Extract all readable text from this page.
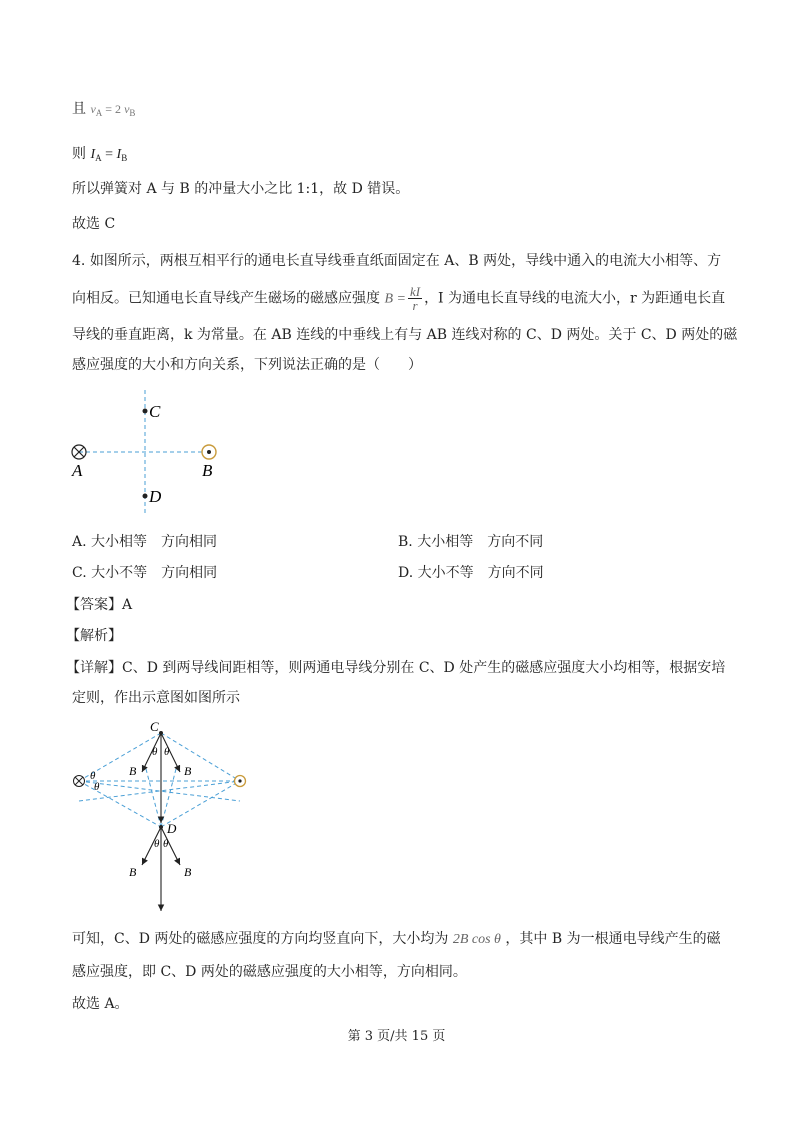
且 $v_A = 2$ $v_B$
则 $I_A = I_B$
所以弹簧对 A 与 B 的冲量大小之比 1:1，故 D 错误。
故选 C
4. 如图所示，两根互相平行的通电长直导线垂直纸面固定在 A、B 两处，导线中通入的电流大小相等、方
向相反。已知通电长直导线产生磁场的磁感应强度 $B = \frac{kI}{r}$ ，I 为通电长直导线的电流大小，r 为距通电长直
导线的垂直距离，k 为常量。在 AB 连线的中垂线上有与 AB 连线对称的 C、D 两处。关于 C、D 两处的磁
感应强度的大小和方向关系，下列说法正确的是（　　）
C
D
A	B
A. 大小相等 方向相同	B. 大小相等 方向不同
C. 大小不等 方向相同	D. 大小不等 方向不同
【答案】A
【解析】
【详解】C、D 到两导线间距相等，则两通电导线分别在 C、D 处产生的磁感应强度大小均相等，根据安培
定则，作出示意图如图所示
C
D
B	B
B	B
θ θ
θ θ
θ
θ
可知，C、D 两处的磁感应强度的方向均竖直向下，大小均为 2B cos θ ，其中 B 为一根通电导线产生的磁
感应强度，即 C、D 两处的磁感应强度的大小相等，方向相同。
故选 A。
第 3 页/共 15 页
